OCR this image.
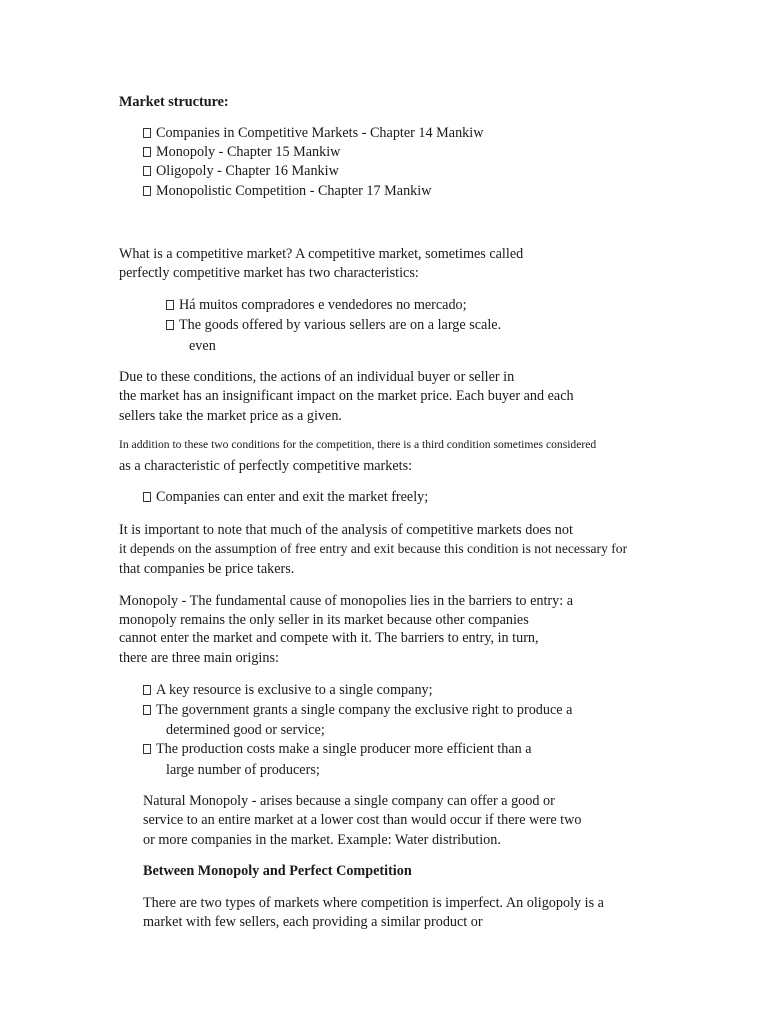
Market structure:
Companies in Competitive Markets - Chapter 14 Mankiw
Monopoly - Chapter 15 Mankiw
Oligopoly - Chapter 16 Mankiw
Monopolistic Competition - Chapter 17 Mankiw
What is a competitive market? A competitive market, sometimes called
perfectly competitive market has two characteristics:
Há muitos compradores e vendedores no mercado;
The goods offered by various sellers are on a large scale.
even
Due to these conditions, the actions of an individual buyer or seller in
the market has an insignificant impact on the market price. Each buyer and each
sellers take the market price as a given.
In addition to these two conditions for the competition, there is a third condition sometimes considered
as a characteristic of perfectly competitive markets:
Companies can enter and exit the market freely;
It is important to note that much of the analysis of competitive markets does not
it depends on the assumption of free entry and exit because this condition is not necessary for
that companies be price takers.
Monopoly - The fundamental cause of monopolies lies in the barriers to entry: a
monopoly remains the only seller in its market because other companies
cannot enter the market and compete with it. The barriers to entry, in turn,
there are three main origins:
A key resource is exclusive to a single company;
The government grants a single company the exclusive right to produce a
determined good or service;
The production costs make a single producer more efficient than a
large number of producers;
Natural Monopoly - arises because a single company can offer a good or
service to an entire market at a lower cost than would occur if there were two
or more companies in the market. Example: Water distribution.
Between Monopoly and Perfect Competition
There are two types of markets where competition is imperfect. An oligopoly is a
market with few sellers, each providing a similar product or
